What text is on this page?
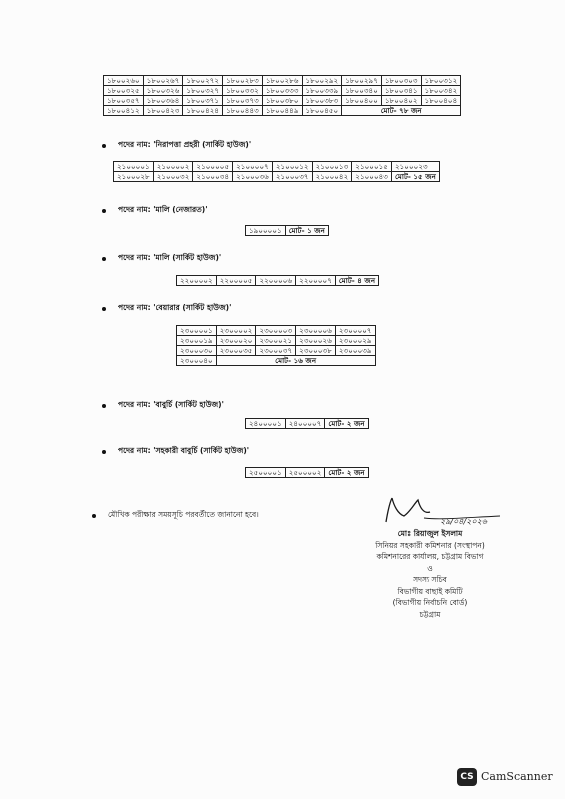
১৮০০২৬০	১৮০০২৬৭	১৮০০২৭২	১৮০০২৮৩	১৮০০২৮৬	১৮০০২৯২	১৮০০২৯৭	১৮০০৩০৩	১৮০০৩১২
১৮০০৩২৫	১৮০০৩২৬	১৮০০৩২৭	১৮০০৩৩২	১৮০০৩৩৩	১৮০০৩৩৯	১৮০০৩৪০	১৮০০৩৪১	১৮০০৩৪২
১৮০০৩৫৭	১৮০০৩৬৪	১৮০০৩৭১	১৮০০৩৭৩	১৮০০৩৮০	১৮০০৩৮৩	১৮০০৪০০	১৮০০৪০২	১৮০০৪০৪
১৮০০৪১২	১৮০০৪২৩	১৮০০৪২৪	১৮০০৪৪৩	১৮০০৪৪৯	১৮০০৪৫০	মোট- ৭৮ জন		
পদের নাম: 'নিরাপত্তা প্রহরী (সার্কিট হাউজ)'
২১০০০০১	২১০০০০২	২১০০০০৫	২১০০০০৭	২১০০০১২	২১০০০১৩	২১০০০১৫	২১০০০২৩
২১০০০২৮	২১০০০৩২	২১০০০৩৪	২১০০০৩৬	২১০০০৩৭	২১০০০৪২	২১০০০৪৩	মোট- ১৫ জন
পদের নাম: 'মালি (নেজারত)'
১৯০০০০১	মোট- ১ জন
পদের নাম: 'মালি (সার্কিট হাউজ)'
২২০০০০২	২২০০০০৫	২২০০০০৬	২২০০০০৭	মোট- ৪ জন
পদের নাম: 'বেয়ারার (সার্কিট হাউজ)'
২৩০০০০১	২৩০০০০২	২৩০০০০৩	২৩০০০০৬	২৩০০০০৭
২৩০০০১৯	২৩০০০২০	২৩০০০২১	২৩০০০২৬	২৩০০০২৯
২৩০০০৩০	২৩০০০৩৫	২৩০০০৩৭	২৩০০০৩৮	২৩০০০৩৯
২৩০০০৪০	মোট- ১৬ জন			
পদের নাম: 'বাবুর্চি (সার্কিট হাউজ)'
২৪০০০০১	২৪০০০০৭	মোট- ২ জন
পদের নাম: 'সহকারী বাবুর্চি (সার্কিট হাউজ)'
২৫০০০০১	২৫০০০০২	মোট- ২ জন
মৌখিক পরীক্ষার সময়সূচি পরবর্তীতে জানানো হবে।
২৯/০৪/২০২৬
মোঃ রিয়াজুল ইসলাম
সিনিয়র সহকারী কমিশনার (সংস্থাপন)
কমিশনারের কার্যালয়, চট্টগ্রাম বিভাগ
ও
সদস্য সচিব
বিভাগীয় বাছাই কমিটি
(বিভাগীয় নির্বাচনি বোর্ড)
চট্টগ্রাম
CS CamScanner
